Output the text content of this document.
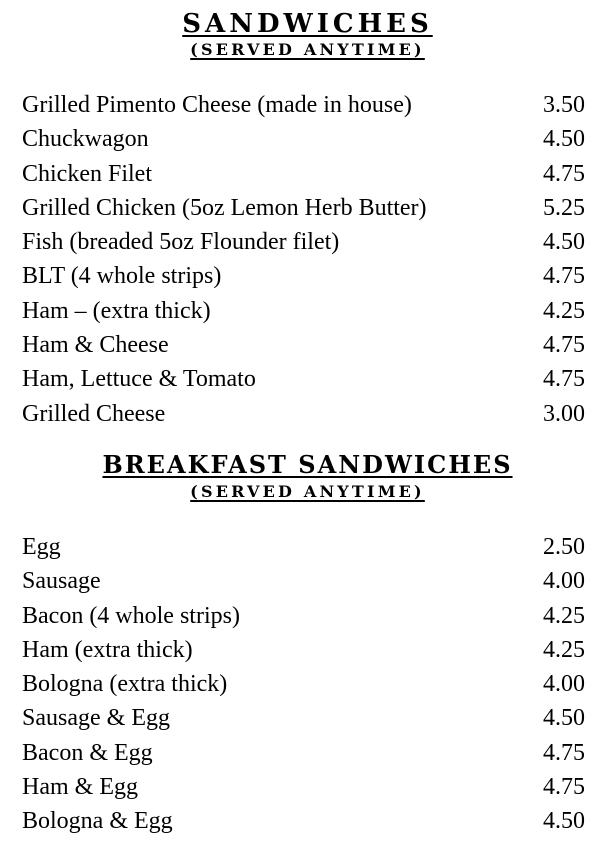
SANDWICHES
(SERVED ANYTIME)
Grilled Pimento Cheese (made in house)	3.50
Chuckwagon	4.50
Chicken Filet	4.75
Grilled Chicken (5oz Lemon Herb Butter)	5.25
Fish (breaded 5oz Flounder filet)	4.50
BLT (4 whole strips)	4.75
Ham – (extra thick)	4.25
Ham & Cheese	4.75
Ham, Lettuce & Tomato	4.75
Grilled Cheese	3.00
BREAKFAST SANDWICHES
(SERVED ANYTIME)
Egg	2.50
Sausage	4.00
Bacon (4 whole strips)	4.25
Ham (extra thick)	4.25
Bologna (extra thick)	4.00
Sausage & Egg	4.50
Bacon & Egg	4.75
Ham & Egg	4.75
Bologna & Egg	4.50
